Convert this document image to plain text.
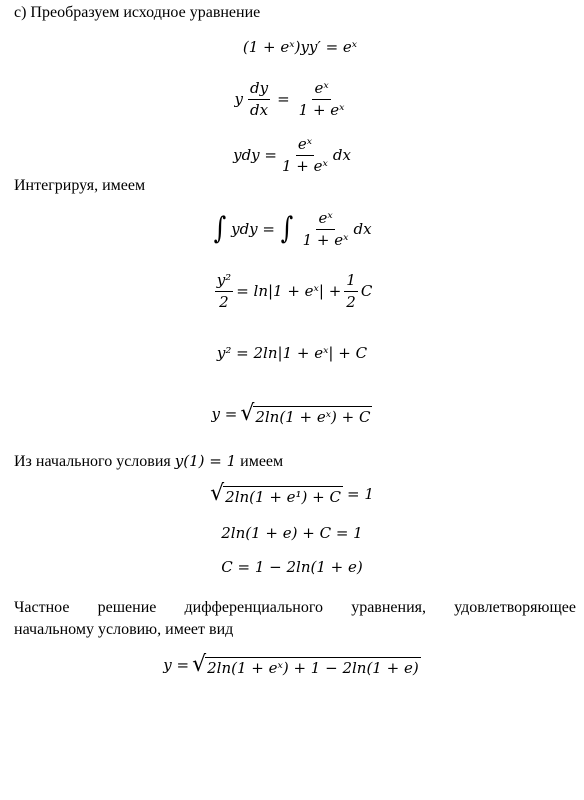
c) Преобразуем исходное уравнение
(1 + eˣ)yy′ = eˣ
y $\frac{dy}{dx} = \frac{\text{eˣ}}{\text{1 + eˣ}}$
ydy = $\frac{\text{eˣ}}{\text{1 + eˣ}}$ dx
Интегрируя, имеем
∫ ydy = ∫ $\frac{\text{eˣ}}{\text{1 + eˣ}}$ dx
$\frac{\text{y²}}{2} = \ln|1$ + eˣ| + $\frac{1}{2}$ C
y² = 2ln|1 + eˣ| + C
y = √ 2ln(1 + eˣ) + C
Из начального условия y(1) = 1 имеем
√ 2ln(1 + e¹) + C = 1
2ln(1 + e) + C = 1
C = 1 − 2ln(1 + e)
Частное решение дифференциального уравнения, удовлетворяющее
начальному условию, имеет вид
y = √ 2ln(1 + eˣ) + 1 − 2ln(1 + e)
